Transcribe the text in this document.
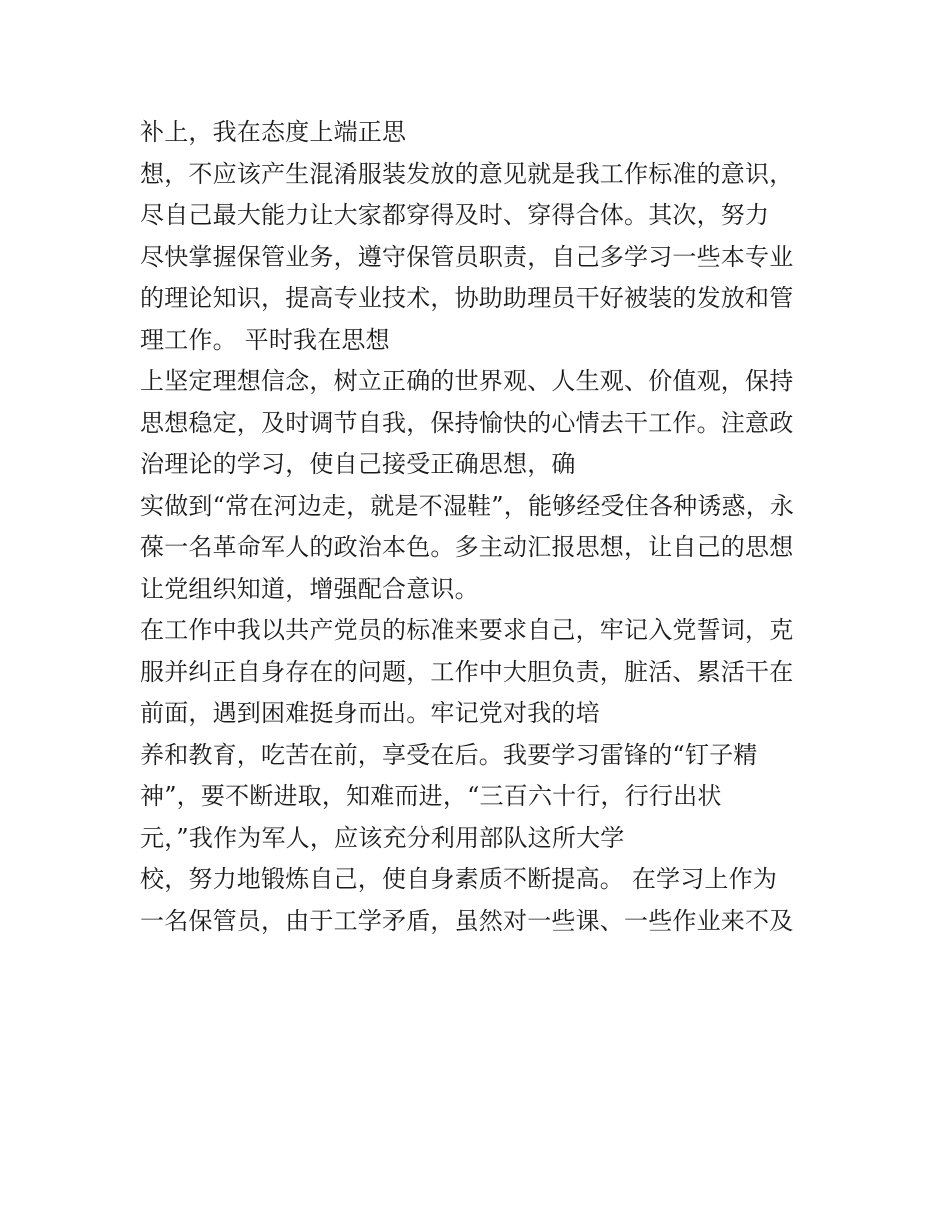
补上，我在态度上端正思
想，不应该产生混淆服装发放的意见就是我工作标准的意识，
尽自己最大能力让大家都穿得及时、穿得合体。其次，努力
尽快掌握保管业务，遵守保管员职责，自己多学习一些本专业
的理论知识，提高专业技术，协助助理员干好被装的发放和管
理工作。 平时我在思想
上坚定理想信念，树立正确的世界观、人生观、价值观，保持
思想稳定，及时调节自我，保持愉快的心情去干工作。注意政
治理论的学习，使自己接受正确思想，确
实做到“常在河边走，就是不湿鞋”，能够经受住各种诱惑，永
葆一名革命军人的政治本色。多主动汇报思想，让自己的思想
让党组织知道，增强配合意识。
在工作中我以共产党员的标准来要求自己，牢记入党誓词，克
服并纠正自身存在的问题，工作中大胆负责，脏活、累活干在
前面，遇到困难挺身而出。牢记党对我的培
养和教育，吃苦在前，享受在后。我要学习雷锋的“钉子精
神”，要不断进取，知难而进，“三百六十行，行行出状
元，”我作为军人，应该充分利用部队这所大学
校，努力地锻炼自己，使自身素质不断提高。 在学习上作为
一名保管员，由于工学矛盾，虽然对一些课、一些作业来不及
